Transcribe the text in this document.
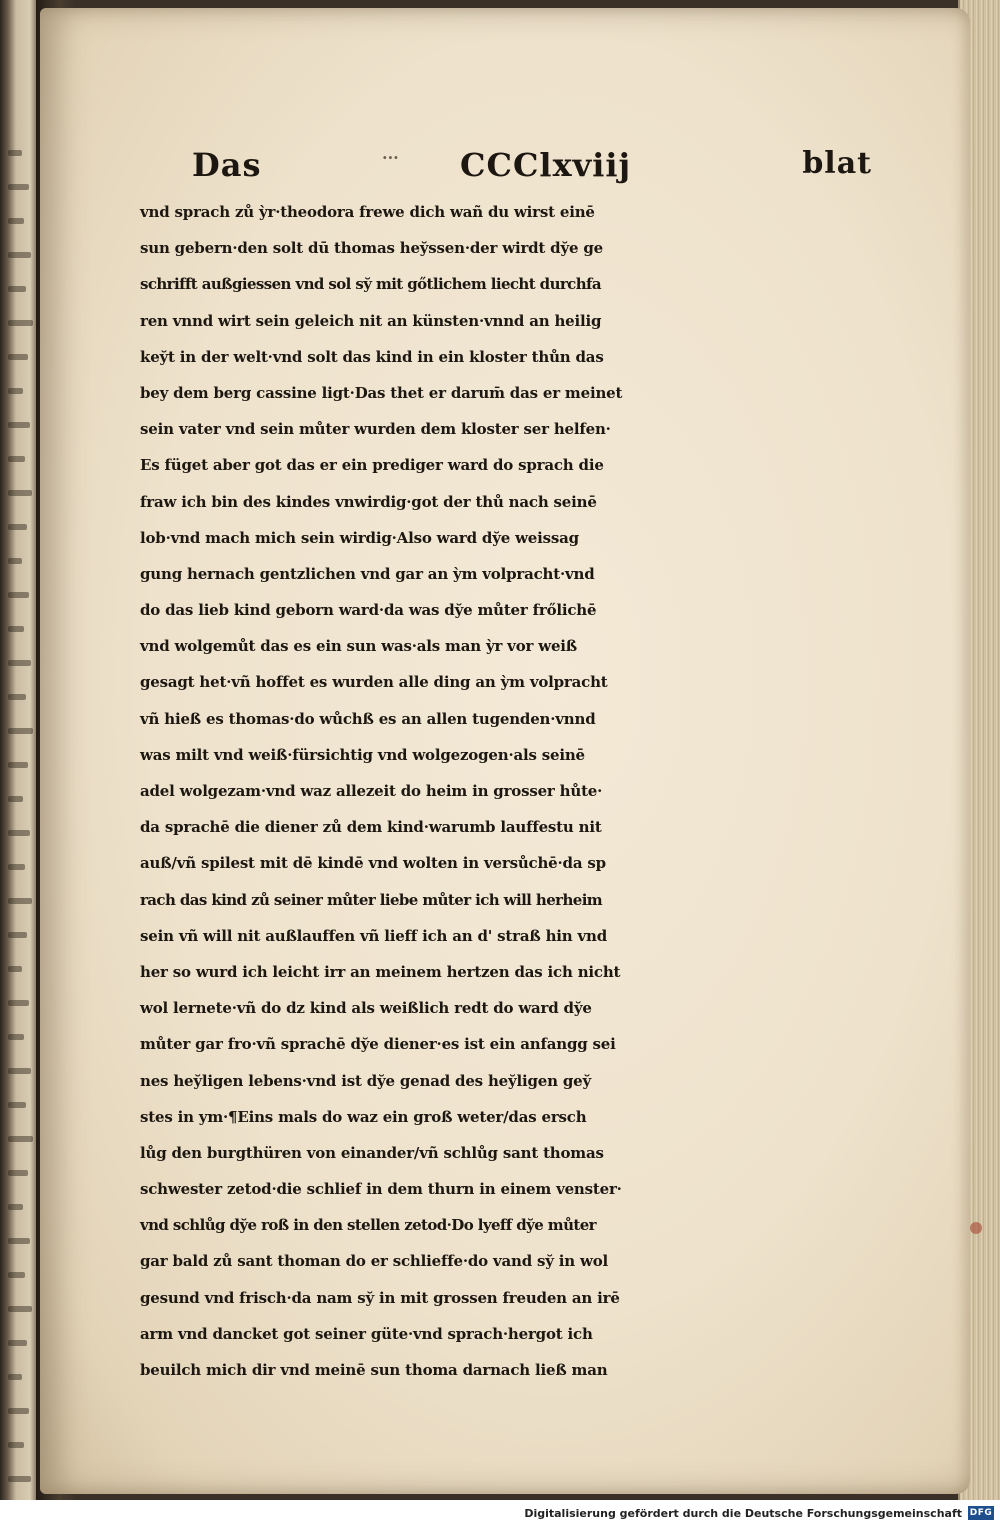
Das	··· CCClxviij	blat
vnd sprach zů ỳr·theodora frewe dich wañ du wirst einē
sun gebern·den solt dū thomas hey̆ssen·der wirdt dy̆e ge
schrifft außgiessen vnd sol sy̆ mit gőtlichem liecht durchfa
ren vnnd wirt sein geleich nit an künsten·vnnd an heilig
key̆t in der welt·vnd solt das kind in ein kloster thůn das
bey dem berg cassine ligt·Das thet er darum̄ das er meinet
sein vater vnd sein můter wurden dem kloster ser helfen·
Es füget aber got das er ein prediger ward do sprach die
fraw ich bin des kindes vnwirdig·got der thů nach seinē
lob·vnd mach mich sein wirdig·Also ward dy̆e weissag
gung hernach gentzlichen vnd gar an ỳm volpracht·vnd
do das lieb kind geborn ward·da was dy̆e můter frőlichē
vnd wolgemůt das es ein sun was·als man ỳr vor weiß
gesagt het·vñ hoffet es wurden alle ding an ỳm volpracht
vñ hieß es thomas·do wůchß es an allen tugenden·vnnd
was milt vnd weiß·fürsichtig vnd wolgezogen·als seinē
adel wolgezam·vnd waz allezeit do heim in grosser hůte·
da sprachē die diener zů dem kind·warumb lauffestu nit
auß/vñ spilest mit dē kindē vnd wolten in versůchē·da sp
rach das kind zů seiner můter liebe můter ich will herheim
sein vñ will nit außlauffen vñ lieff ich an d' straß hin vnd
her so wurd ich leicht irr an meinem hertzen das ich nicht
wol lernete·vñ do dz kind als weißlich redt do ward dy̆e
můter gar fro·vñ sprachē dy̆e diener·es ist ein anfangg sei
nes hey̆ligen lebens·vnd ist dy̆e genad des hey̆ligen gey̆
stes in ym·¶Eins mals do waz ein groß weter/das ersch
lůg den burgthüren von einander/vñ schlůg sant thomas
schwester zetod·die schlief in dem thurn in einem venster·
vnd schlůg dy̆e roß in den stellen zetod·Do lyeff dy̆e můter
gar bald zů sant thoman do er schlieffe·do vand sy̆ in wol
gesund vnd frisch·da nam sy̆ in mit grossen freuden an irē
arm vnd dancket got seiner güte·vnd sprach·hergot ich
beuilch mich dir vnd meinē sun thoma darnach ließ man
Digitalisierung gefördert durch die Deutsche Forschungsgemeinschaft DFG
